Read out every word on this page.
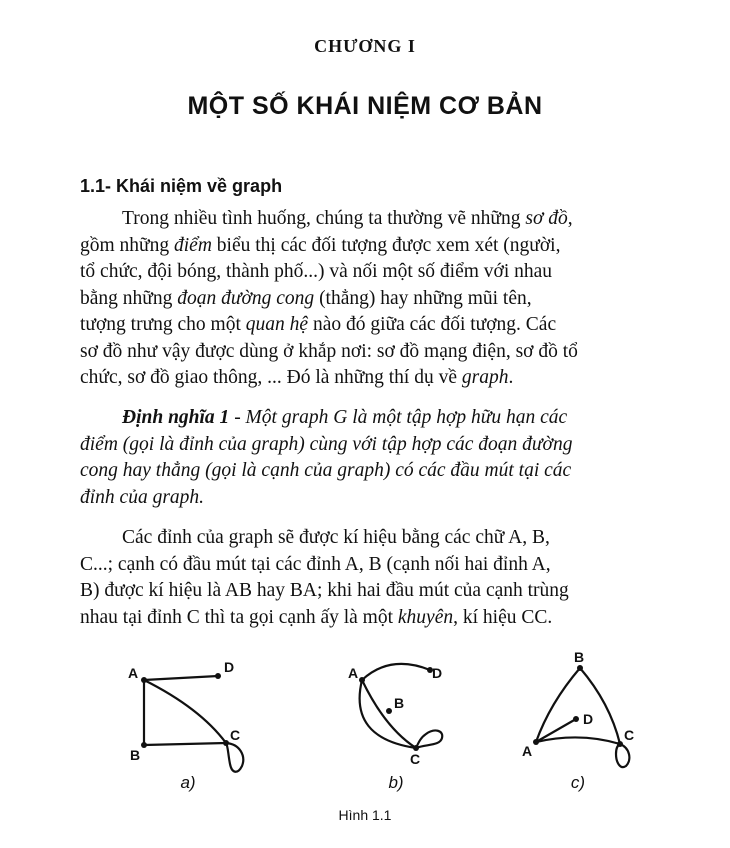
CHƯƠNG I
MỘT SỐ KHÁI NIỆM CƠ BẢN
1.1- Khái niệm về graph

Trong nhiều tình huống, chúng ta thường vẽ những sơ đồ,
gồm những điểm biểu thị các đối tượng được xem xét (người,
tổ chức, đội bóng, thành phố...) và nối một số điểm với nhau
bằng những đoạn đường cong (thẳng) hay những mũi tên,
tượng trưng cho một quan hệ nào đó giữa các đối tượng. Các
sơ đồ như vậy được dùng ở khắp nơi: sơ đồ mạng điện, sơ đồ tổ
chức, sơ đồ giao thông, ... Đó là những thí dụ về graph.

Định nghĩa 1 - Một graph G là một tập hợp hữu hạn các
điểm (gọi là đỉnh của graph) cùng với tập hợp các đoạn đường
cong hay thẳng (gọi là cạnh của graph) có các đầu mút tại các
đỉnh của graph.

Các đỉnh của graph sẽ được kí hiệu bằng các chữ A, B,
C...; cạnh có đầu mút tại các đỉnh A, B (cạnh nối hai đỉnh A,
B) được kí hiệu là AB hay BA; khi hai đầu mút của cạnh trùng
nhau tại đỉnh C thì ta gọi cạnh ấy là một khuyên, kí hiệu CC.

A	D
B
C
A	D
B
C
B
D
A
C
a)	b)	c)
Hình 1.1
